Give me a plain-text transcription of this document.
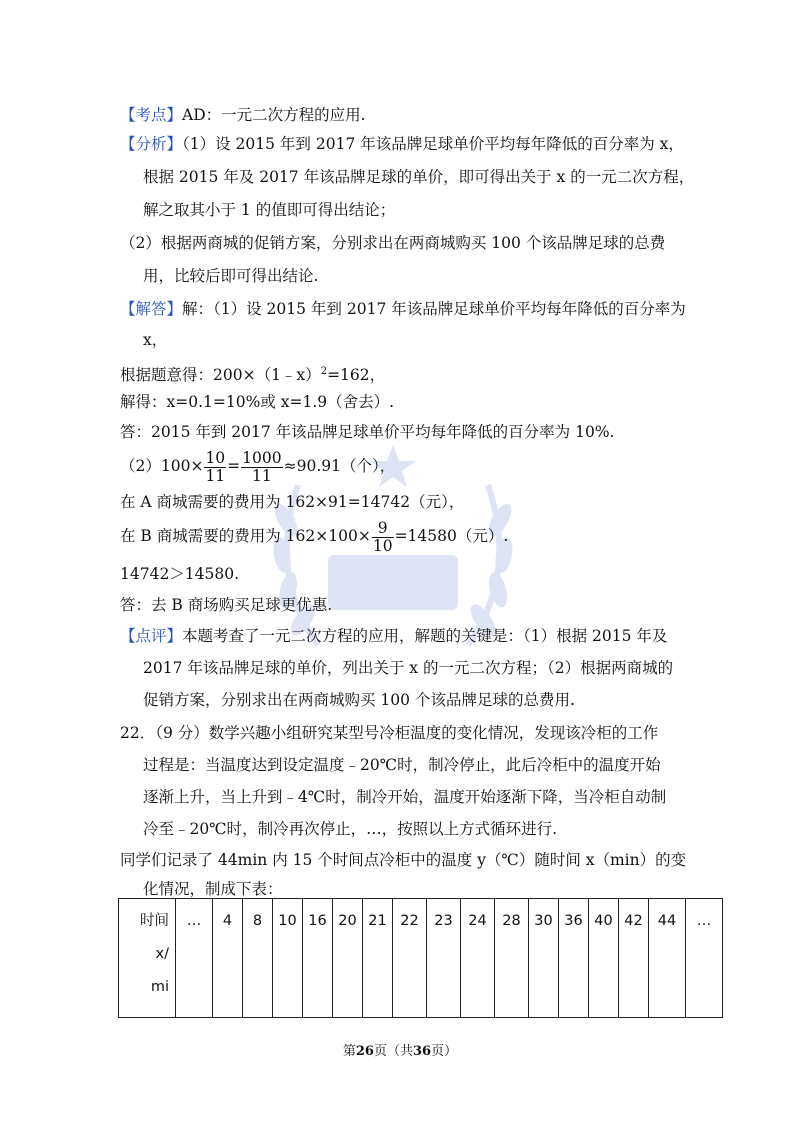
【考点】AD：一元二次方程的应用.
【分析】（1）设 2015 年到 2017 年该品牌足球单价平均每年降低的百分率为 x，
根据 2015 年及 2017 年该品牌足球的单价，即可得出关于 x 的一元二次方程，
解之取其小于 1 的值即可得出结论；
（2）根据两商城的促销方案，分别求出在两商城购买 100 个该品牌足球的总费
用，比较后即可得出结论.
【解答】解：（1）设 2015 年到 2017 年该品牌足球单价平均每年降低的百分率为
x，
根据题意得：200×（1﹣x）$^2$=162，
解得：x=0.1=10%或 x=1.9（舍去）.
答：2015 年到 2017 年该品牌足球单价平均每年降低的百分率为 10%.
$(2)100\times \frac{10}{11} = \frac{1000}{11} \approx 90.91$（个），
在 A 商城需要的费用为 162×91=14742（元），
在 B 商城需要的费用为 $162\times 100\times \frac{9}{10} =14580$（元）.
14742＞14580.
答：去 B 商场购买足球更优惠.
【点评】本题考查了一元二次方程的应用，解题的关键是：（1）根据 2015 年及
2017 年该品牌足球的单价，列出关于 x 的一元二次方程；（2）根据两商城的
促销方案，分别求出在两商城购买 100 个该品牌足球的总费用.
22．（9 分）数学兴趣小组研究某型号冷柜温度的变化情况，发现该冷柜的工作
过程是：当温度达到设定温度﹣20℃时，制冷停止，此后冷柜中的温度开始
逐渐上升，当上升到﹣4℃时，制冷开始，温度开始逐渐下降，当冷柜自动制
冷至﹣20℃时，制冷再次停止，…，按照以上方式循环进行.
同学们记录了 44min 内 15 个时间点冷柜中的温度 y（℃）随时间 x（min）的变
化情况，制成下表：
时间
x/
mi
	…	4	8	10	16	20	21	22	23	24	28	30	36	40	42	44	…
第26页（共36页）
